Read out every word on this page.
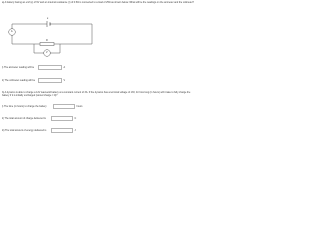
a) A battery having an emf (ε) of 9V and an internal resistance (r) of 0.5Ω is connected to a load of 25Ω as shown below. What will be the readings on the ammeter and the voltmeter?
ε
R
A
V
i) The ammeter reading will be	A
ii) The voltmeter reading will be	V
b) A dynamo is able to charge a 12V lead-acid battery at a constant current of 3A. If the dynamo has a terminal voltage of 13V, for how long (in hours) will it take to fully charge the battery if it is initially uncharged (stored charge = 0)?
i) The time (in hours) to charge the battery	hours
ii) The total amount of charge delivered is	C
iii) The total amount of energy delivered is	J
